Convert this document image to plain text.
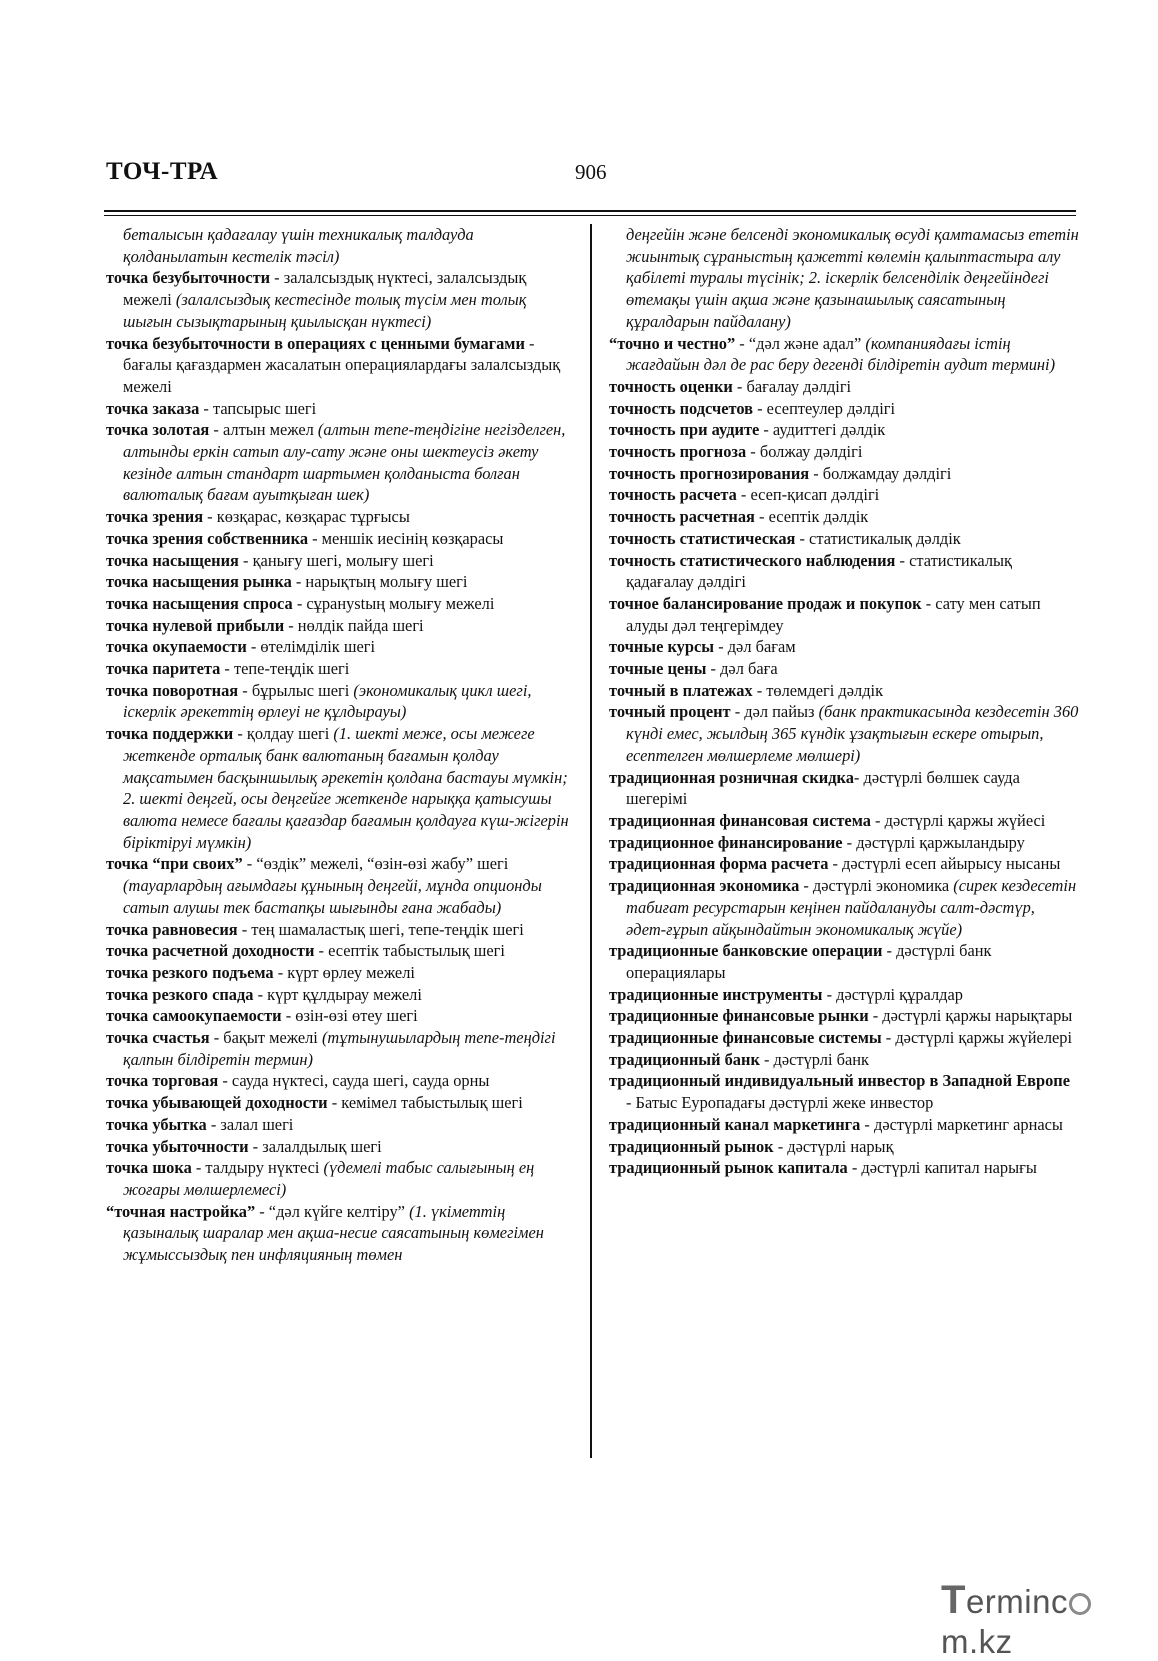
ТОЧ-ТРА	906

беталысын қадағалау үшін техникалық талдауда қолданылатын кестелік тәсіл)

точка безубыточности - залалсыздық нүктесі, залалсыздық межелі (залалсыздық кестесінде толық түсім мен толық шығын сызықтарының қиылысқан нүктесі)

точка безубыточности в операциях с ценными бумагами - бағалы қағаздармен жасалатын операциялардағы залалсыздық межелі

точка заказа - тапсырыс шегі

точка золотая - алтын межел (алтын тепе-теңдігіне негізделген, алтынды еркін сатып алу-сату және оны шектеусіз әкету кезінде алтын стандарт шартымен қолданыста болған валюталық бағам ауытқыған шек)

точка зрения - көзқарас, көзқарас тұрғысы

точка зрения собственника - меншік иесінің көзқарасы

точка насыщения - қанығу шегі, молығу шегі

точка насыщения рынка - нарықтың молығу шегі

точка насыщения спроса - сұранystың молығу межелі

точка нулевой прибыли - нөлдік пайда шегі

точка окупаемости - өтелімділік шегі

точка паритета - тепе-теңдік шегі

точка поворотная - бұрылыс шегі (экономикалық цикл шегі, іскерлік әрекеттің өрлеуі не құлдырауы)

точка поддержки - қолдау шегі (1. шекті меже, осы межеге жеткенде орталық банк валютаның бағамын қолдау мақсатымен басқыншылық әрекетін қолдана бастауы мүмкін; 2. шекті деңгей, осы деңгейге жеткенде нарыққа қатысушы валюта немесе бағалы қағаздар бағамын қолдауға күш-жігерін біріктіруі мүмкін)

точка “при своих” - “өздік” межелі, “өзін-өзі жабу” шегі (тауарлардың ағымдағы құнының деңгейі, мұнда опционды сатып алушы тек бастапқы шығынды ғана жабады)

точка равновесия - тең шамаластық шегі, тепе-теңдік шегі

точка расчетной доходности - есептік табыстылық шегі

точка резкого подъема - күрт өрлеу межелі

точка резкого спада - күрт құлдырау межелі

точка самоокупаемости - өзін-өзі өтеу шегі

точка счастья - бақыт межелі (тұтынушылардың тепе-теңдігі қалпын білдіретін термин)

точка торговая - сауда нүктесі, сауда шегі, сауда орны

точка убывающей доходности - кемімел табыстылық шегі

точка убытка - залал шегі

точка убыточности - залалдылық шегі

точка шока - талдыру нүктесі (үдемелі табыс салығының ең жоғары мөлшерлемесі)

“точная настройка” - “дәл күйге келтіру” (1. үкіметтің қазыналық шаралар мен ақша-несие саясатының көмегімен жұмыссыздық пен инфляцияның төмен

деңгейін және белсенді экономикалық өсуді қамтамасыз ететін жиынтық сұраныстың қажетті көлемін қалыптастыра алу қабілеті туралы түсінік; 2. іскерлік белсенділік деңгейіндегі өтемақы үшін ақша және қазынашылық саясатының құралдарын пайдалану)

“точно и честно” - “дәл және адал” (компаниядағы істің жағдайын дәл де рас беру дегенді білдіретін аудит термині)

точность оценки - бағалау дәлдігі

точность подсчетов - есептеулер дәлдігі

точность при аудите - аудиттегі дәлдік

точность прогноза - болжау дәлдігі

точность прогнозирования - болжамдау дәлдігі

точность расчета - есеп-қисап дәлдігі

точность расчетная - есептік дәлдік

точность статистическая - статистикалық дәлдік

точность статистического наблюдения - статистикалық қадағалау дәлдігі

точное балансирование продаж и покупок - сату мен сатып алуды дәл теңгерімдеу

точные курсы - дәл бағам

точные цены - дәл баға

точный в платежах - төлемдегі дәлдік

точный процент - дәл пайыз (банк практикасында кездесетін 360 күнді емес, жылдың 365 күндік ұзақтығын ескере отырып, есептелген мөлшерлеме мөлшері)

традиционная розничная скидка- дәстүрлі бөлшек сауда шегерімі

традиционная финансовая система - дәстүрлі қаржы жүйесі

традиционное финансирование - дәстүрлі қаржыландыру

традиционная форма расчета - дәстүрлі есеп айырысу нысаны

традиционная экономика - дәстүрлі экономика (сирек кездесетін табиғат ресурстарын кеңінен пайдалануды салт-дәстүр, әдет-ғұрып айқындайтын экономикалық жүйе)

традиционные банковские операции - дәстүрлі банк операциялары

традиционные инструменты - дәстүрлі құралдар

традиционные финансовые рынки - дәстүрлі қаржы нарықтары

традиционные финансовые системы - дәстүрлі қаржы жүйелері

традиционный банк - дәстүрлі банк

традиционный индивидуальный инвестор в Западной Европе - Батыс Еуропадағы дәстүрлі жеке инвестор

традиционный канал маркетинга - дәстүрлі маркетинг арнасы

традиционный рынок - дәстүрлі нарық

традиционный рынок капитала - дәстүрлі капитал нарығы

Termincm.kz
